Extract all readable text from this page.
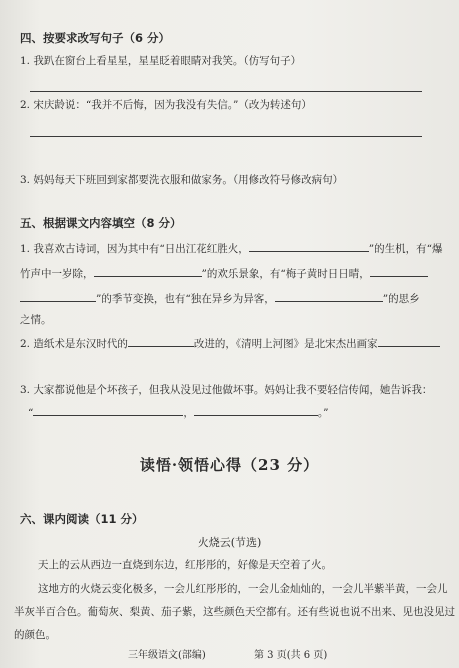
四、按要求改写句子（6 分）
1. 我趴在窗台上看星星，星星眨着眼睛对我笑。（仿写句子）
2. 宋庆龄说：“我并不后悔，因为我没有失信。”（改为转述句）
3. 妈妈每天下班回到家都要洗衣服和做家务。（用修改符号修改病句）
五、根据课文内容填空（8 分）
1. 我喜欢古诗词，因为其中有“日出江花红胜火，	”的生机，有“爆
竹声中一岁除，	”的欢乐景象，有“梅子黄时日日晴，
”的季节变换，也有“独在异乡为异客，	”的思乡
之情。
2. 造纸术是东汉时代的	改进的，《清明上河图》是北宋杰出画家
3. 大家都说他是个坏孩子，但我从没见过他做坏事。妈妈让我不要轻信传闻，她告诉我：
“	，	。”
读悟·领悟心得（23 分）
六、课内阅读（11 分）
火烧云(节选)
天上的云从西边一直烧到东边，红彤彤的，好像是天空着了火。
这地方的火烧云变化极多，一会儿红彤彤的，一会儿金灿灿的，一会儿半紫半黄，一会儿
半灰半百合色。葡萄灰、梨黄、茄子紫，这些颜色天空都有。还有些说也说不出来、见也没见过
的颜色。
三年级语文(部编)	第 3 页(共 6 页)
